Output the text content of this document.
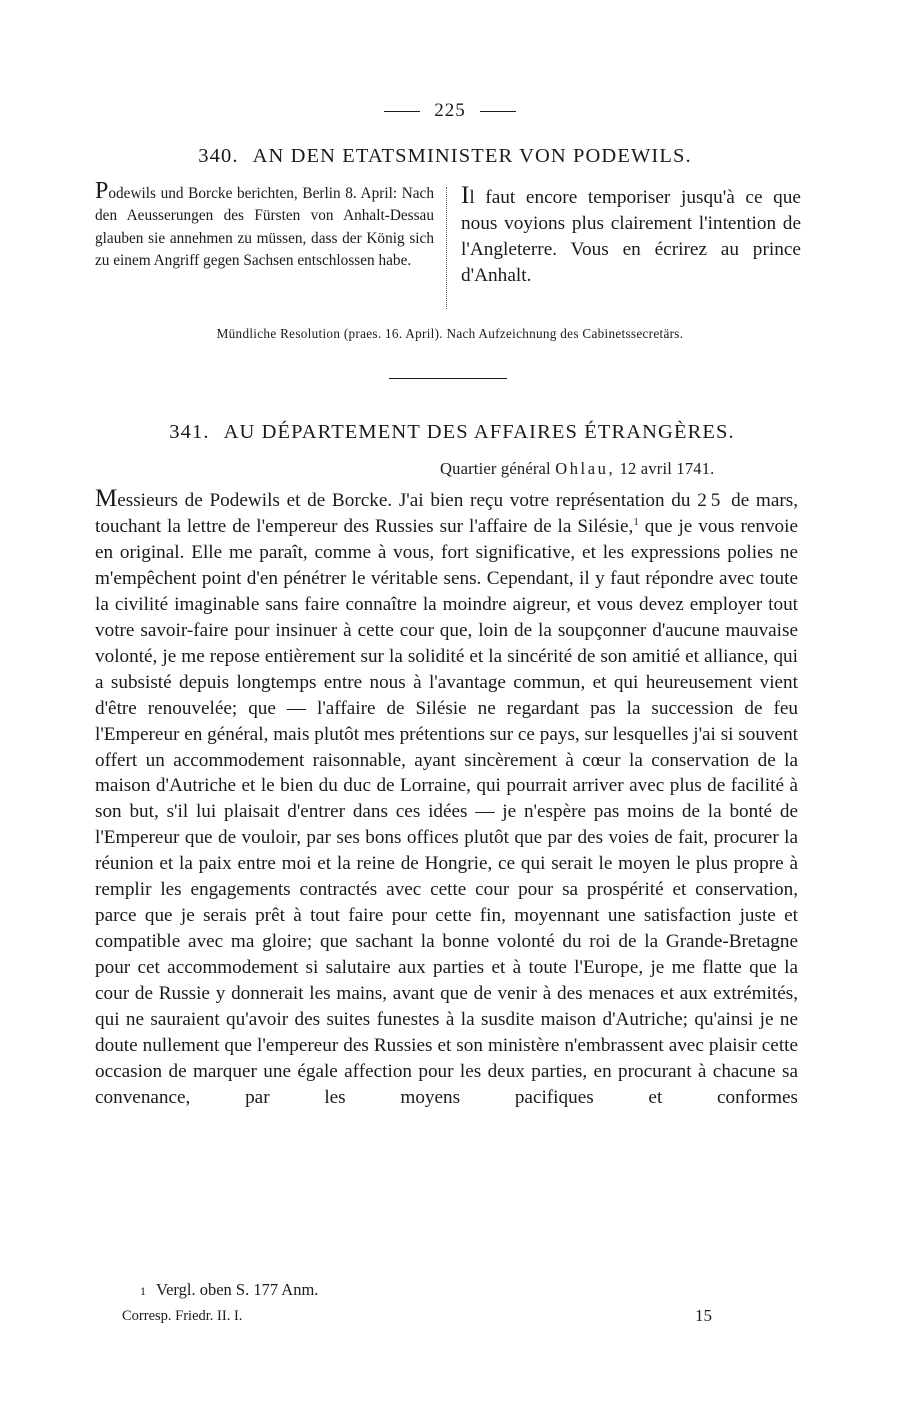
225
340. AN DEN ETATSMINISTER VON PODEWILS.
Podewils und Borcke berichten, Berlin 8. April: Nach den Aeusserungen des Fürsten von Anhalt-Dessau glauben sie annehmen zu müssen, dass der König sich zu einem Angriff gegen Sachsen entschlossen habe.
Il faut encore temporiser jusqu'à ce que nous voyions plus clairement l'intention de l'Angleterre. Vous en écrirez au prince d'Anhalt.
Mündliche Resolution (praes. 16. April). Nach Aufzeichnung des Cabinetssecretärs.
341. AU DÉPARTEMENT DES AFFAIRES ÉTRANGÈRES.
Quartier général Ohlau, 12 avril 1741.

Messieurs de Podewils et de Borcke. J'ai bien reçu votre représentation du 25 de mars, touchant la lettre de l'empereur des Russies sur l'affaire de la Silésie,$^1$ que je vous renvoie en original. Elle me paraît, comme à vous, fort significative, et les expressions polies ne m'empêchent point d'en pénétrer le véritable sens. Cependant, il y faut répondre avec toute la civilité imaginable sans faire connaître la moindre aigreur, et vous devez employer tout votre savoir-faire pour insinuer à cette cour que, loin de la soupçonner d'aucune mauvaise volonté, je me repose entièrement sur la solidité et la sincérité de son amitié et alliance, qui a subsisté depuis longtemps entre nous à l'avantage commun, et qui heureusement vient d'être renouvelée; que — l'affaire de Silésie ne regardant pas la succession de feu l'Empereur en général, mais plutôt mes prétentions sur ce pays, sur lesquelles j'ai si souvent offert un accommodement raisonnable, ayant sincèrement à cœur la conservation de la maison d'Autriche et le bien du duc de Lorraine, qui pourrait arriver avec plus de facilité à son but, s'il lui plaisait d'entrer dans ces idées — je n'espère pas moins de la bonté de l'Empereur que de vouloir, par ses bons offices plutôt que par des voies de fait, procurer la réunion et la paix entre moi et la reine de Hongrie, ce qui serait le moyen le plus propre à remplir les engagements contractés avec cette cour pour sa prospérité et conservation, parce que je serais prêt à tout faire pour cette fin, moyennant une satisfaction juste et compatible avec ma gloire; que sachant la bonne volonté du roi de la Grande-Bretagne pour cet accommodement si salutaire aux parties et à toute l'Europe, je me flatte que la cour de Russie y donnerait les mains, avant que de venir à des menaces et aux extrémités, qui ne sauraient qu'avoir des suites funestes à la susdite maison d'Autriche; qu'ainsi je ne doute nullement que l'empereur des Russies et son ministère n'embrassent avec plaisir cette occasion de marquer une égale affection pour les deux parties, en procurant à chacune sa convenance, par les moyens pacifiques et conformes

1 Vergl. oben S. 177 Anm.
Corresp. Friedr. II. I.	15
